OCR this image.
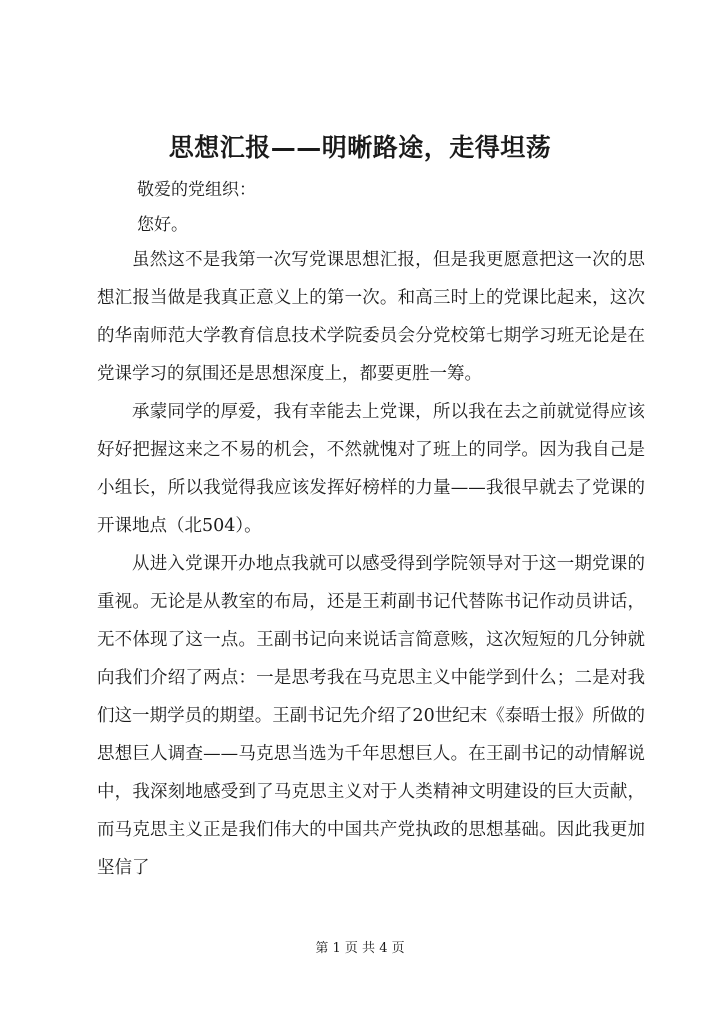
思想汇报——明晰路途，走得坦荡
敬爱的党组织：
您好。

虽然这不是我第一次写党课思想汇报，但是我更愿意把这一次的思想汇报当做是我真正意义上的第一次。和高三时上的党课比起来，这次的华南师范大学教育信息技术学院委员会分党校第七期学习班无论是在党课学习的氛围还是思想深度上，都要更胜一筹。

承蒙同学的厚爱，我有幸能去上党课，所以我在去之前就觉得应该好好把握这来之不易的机会，不然就愧对了班上的同学。因为我自己是小组长，所以我觉得我应该发挥好榜样的力量——我很早就去了党课的开课地点（北504）。

从进入党课开办地点我就可以感受得到学院领导对于这一期党课的重视。无论是从教室的布局，还是王莉副书记代替陈书记作动员讲话，无不体现了这一点。王副书记向来说话言简意赅，这次短短的几分钟就向我们介绍了两点：一是思考我在马克思主义中能学到什么；二是对我们这一期学员的期望。王副书记先介绍了20世纪末《泰晤士报》所做的思想巨人调查——马克思当选为千年思想巨人。在王副书记的动情解说中，我深刻地感受到了马克思主义对于人类精神文明建设的巨大贡献，而马克思主义正是我们伟大的中国共产党执政的思想基础。因此我更加坚信了

第 1 页 共 4 页
